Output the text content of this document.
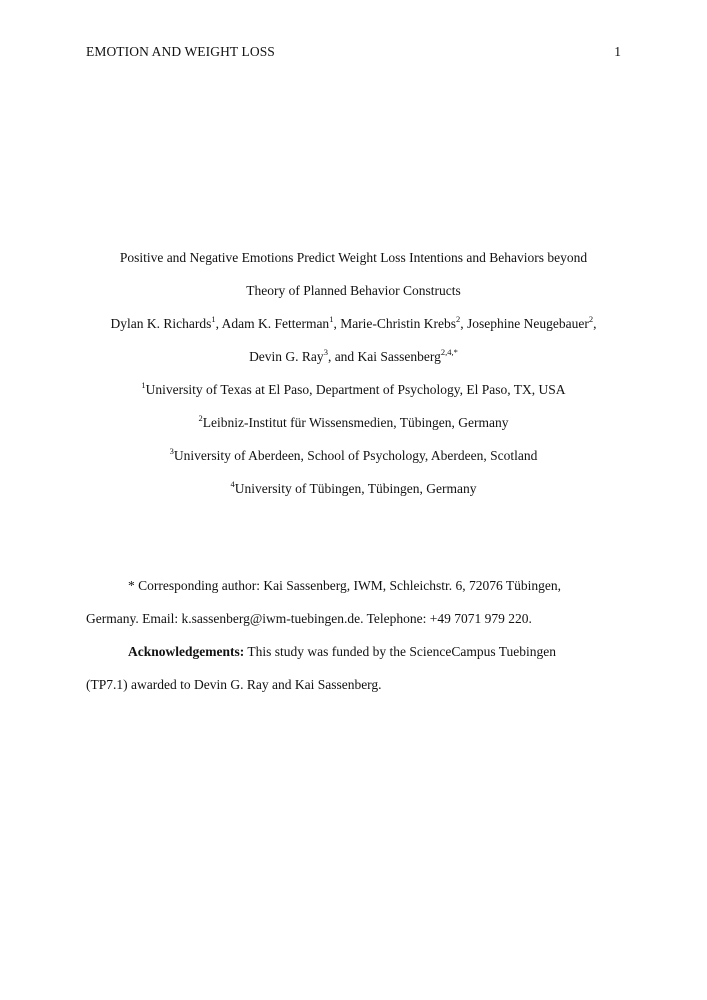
EMOTION AND WEIGHT LOSS	1
Positive and Negative Emotions Predict Weight Loss Intentions and Behaviors beyond
Theory of Planned Behavior Constructs
Dylan K. Richards$^1$, Adam K. Fetterman$^1$, Marie-Christin Krebs$^2$, Josephine Neugebauer$^2$,
Devin G. Ray$^3$, and Kai Sassenberg$^{2,4,*}$
$^1$University of Texas at El Paso, Department of Psychology, El Paso, TX, USA
$^2$Leibniz-Institut für Wissensmedien, Tübingen, Germany
$^3$University of Aberdeen, School of Psychology, Aberdeen, Scotland
$^4$University of Tübingen, Tübingen, Germany
* Corresponding author: Kai Sassenberg, IWM, Schleichstr. 6, 72076 Tübingen,
Germany. Email: k.sassenberg@iwm-tuebingen.de. Telephone: +49 7071 979 220.
Acknowledgements: This study was funded by the ScienceCampus Tuebingen
(TP7.1) awarded to Devin G. Ray and Kai Sassenberg.
